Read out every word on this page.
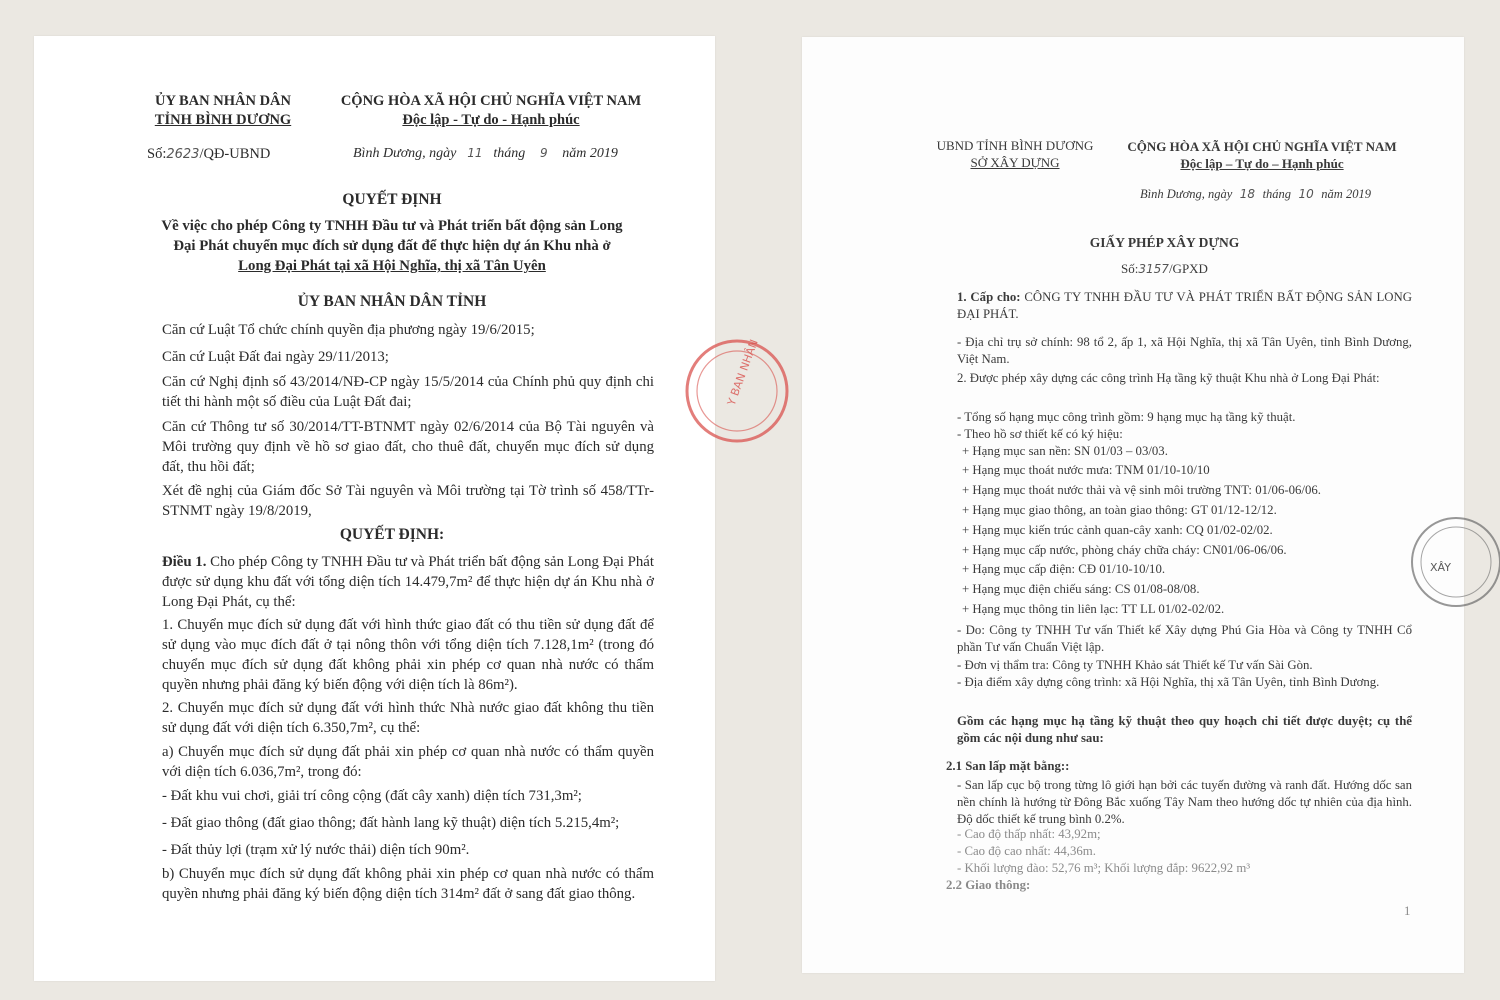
ỦY BAN NHÂN DÂN
TỈNH BÌNH DƯƠNG
CỘNG HÒA XÃ HỘI CHỦ NGHĨA VIỆT NAM
Độc lập - Tự do - Hạnh phúc
Số:2623/QĐ-UBND	Bình Dương, ngày 11 tháng 9 năm 2019
QUYẾT ĐỊNH
Về việc cho phép Công ty TNHH Đầu tư và Phát triển bất động sản Long
Đại Phát chuyển mục đích sử dụng đất để thực hiện dự án Khu nhà ở
Long Đại Phát tại xã Hội Nghĩa, thị xã Tân Uyên
ỦY BAN NHÂN DÂN TỈNH
Căn cứ Luật Tổ chức chính quyền địa phương ngày 19/6/2015;
Căn cứ Luật Đất đai ngày 29/11/2013;
Căn cứ Nghị định số 43/2014/NĐ-CP ngày 15/5/2014 của Chính phủ quy định chi tiết thi hành một số điều của Luật Đất đai;
Căn cứ Thông tư số 30/2014/TT-BTNMT ngày 02/6/2014 của Bộ Tài nguyên và Môi trường quy định về hồ sơ giao đất, cho thuê đất, chuyển mục đích sử dụng đất, thu hồi đất;
Xét đề nghị của Giám đốc Sở Tài nguyên và Môi trường tại Tờ trình số 458/TTr-STNMT ngày 19/8/2019,
QUYẾT ĐỊNH:
Điều 1. Cho phép Công ty TNHH Đầu tư và Phát triển bất động sản Long Đại Phát được sử dụng khu đất với tổng diện tích 14.479,7m² để thực hiện dự án Khu nhà ở Long Đại Phát, cụ thể:
1. Chuyển mục đích sử dụng đất với hình thức giao đất có thu tiền sử dụng đất để sử dụng vào mục đích đất ở tại nông thôn với tổng diện tích 7.128,1m² (trong đó chuyển mục đích sử dụng đất không phải xin phép cơ quan nhà nước có thẩm quyền nhưng phải đăng ký biến động với diện tích là 86m²).
2. Chuyển mục đích sử dụng đất với hình thức Nhà nước giao đất không thu tiền sử dụng đất với diện tích 6.350,7m², cụ thể:
a) Chuyển mục đích sử dụng đất phải xin phép cơ quan nhà nước có thẩm quyền với diện tích 6.036,7m², trong đó:
- Đất khu vui chơi, giải trí công cộng (đất cây xanh) diện tích 731,3m²;
- Đất giao thông (đất giao thông; đất hành lang kỹ thuật) diện tích 5.215,4m²;
- Đất thủy lợi (trạm xử lý nước thải) diện tích 90m².
b) Chuyển mục đích sử dụng đất không phải xin phép cơ quan nhà nước có thẩm quyền nhưng phải đăng ký biến động diện tích 314m² đất ở sang đất giao thông.
Y BAN NHÂN
UBND TỈNH BÌNH DƯƠNG
SỞ XÂY DỰNG
CỘNG HÒA XÃ HỘI CHỦ NGHĨA VIỆT NAM
Độc lập – Tự do – Hạnh phúc
Bình Dương, ngày 18 tháng 10 năm 2019
GIẤY PHÉP XÂY DỰNG
Số:3157/GPXD
1. Cấp cho: CÔNG TY TNHH ĐẦU TƯ VÀ PHÁT TRIỂN BẤT ĐỘNG SẢN LONG ĐẠI PHÁT.
- Địa chỉ trụ sở chính: 98 tổ 2, ấp 1, xã Hội Nghĩa, thị xã Tân Uyên, tỉnh Bình Dương, Việt Nam.
2. Được phép xây dựng các công trình Hạ tầng kỹ thuật Khu nhà ở Long Đại Phát:
- Tổng số hạng mục công trình gồm: 9 hạng mục hạ tầng kỹ thuật.
- Theo hồ sơ thiết kế có ký hiệu:
+ Hạng mục san nền: SN 01/03 – 03/03.
+ Hạng mục thoát nước mưa: TNM 01/10-10/10
+ Hạng mục thoát nước thải và vệ sinh môi trường TNT: 01/06-06/06.
+ Hạng mục giao thông, an toàn giao thông: GT 01/12-12/12.
+ Hạng mục kiến trúc cảnh quan-cây xanh: CQ 01/02-02/02.
+ Hạng mục cấp nước, phòng cháy chữa cháy: CN01/06-06/06.
+ Hạng mục cấp điện: CĐ 01/10-10/10.
+ Hạng mục điện chiếu sáng: CS 01/08-08/08.
+ Hạng mục thông tin liên lạc: TT LL 01/02-02/02.
- Do: Công ty TNHH Tư vấn Thiết kế Xây dựng Phú Gia Hòa và Công ty TNHH Cổ phần Tư vấn Chuẩn Việt lập.
- Đơn vị thẩm tra: Công ty TNHH Khảo sát Thiết kế Tư vấn Sài Gòn.
- Địa điểm xây dựng công trình: xã Hội Nghĩa, thị xã Tân Uyên, tỉnh Bình Dương.
Gồm các hạng mục hạ tầng kỹ thuật theo quy hoạch chi tiết được duyệt; cụ thể gồm các nội dung như sau:
2.1 San lấp mặt bằng::
- San lấp cục bộ trong từng lô giới hạn bởi các tuyến đường và ranh đất. Hướng dốc san nền chính là hướng từ Đông Bắc xuống Tây Nam theo hướng dốc tự nhiên của địa hình. Độ dốc thiết kế trung bình 0.2%.
- Cao độ thấp nhất: 43,92m;
- Cao độ cao nhất: 44,36m.
- Khối lượng đào: 52,76 m³; Khối lượng đắp: 9622,92 m³
2.2 Giao thông:
1
XÂY
